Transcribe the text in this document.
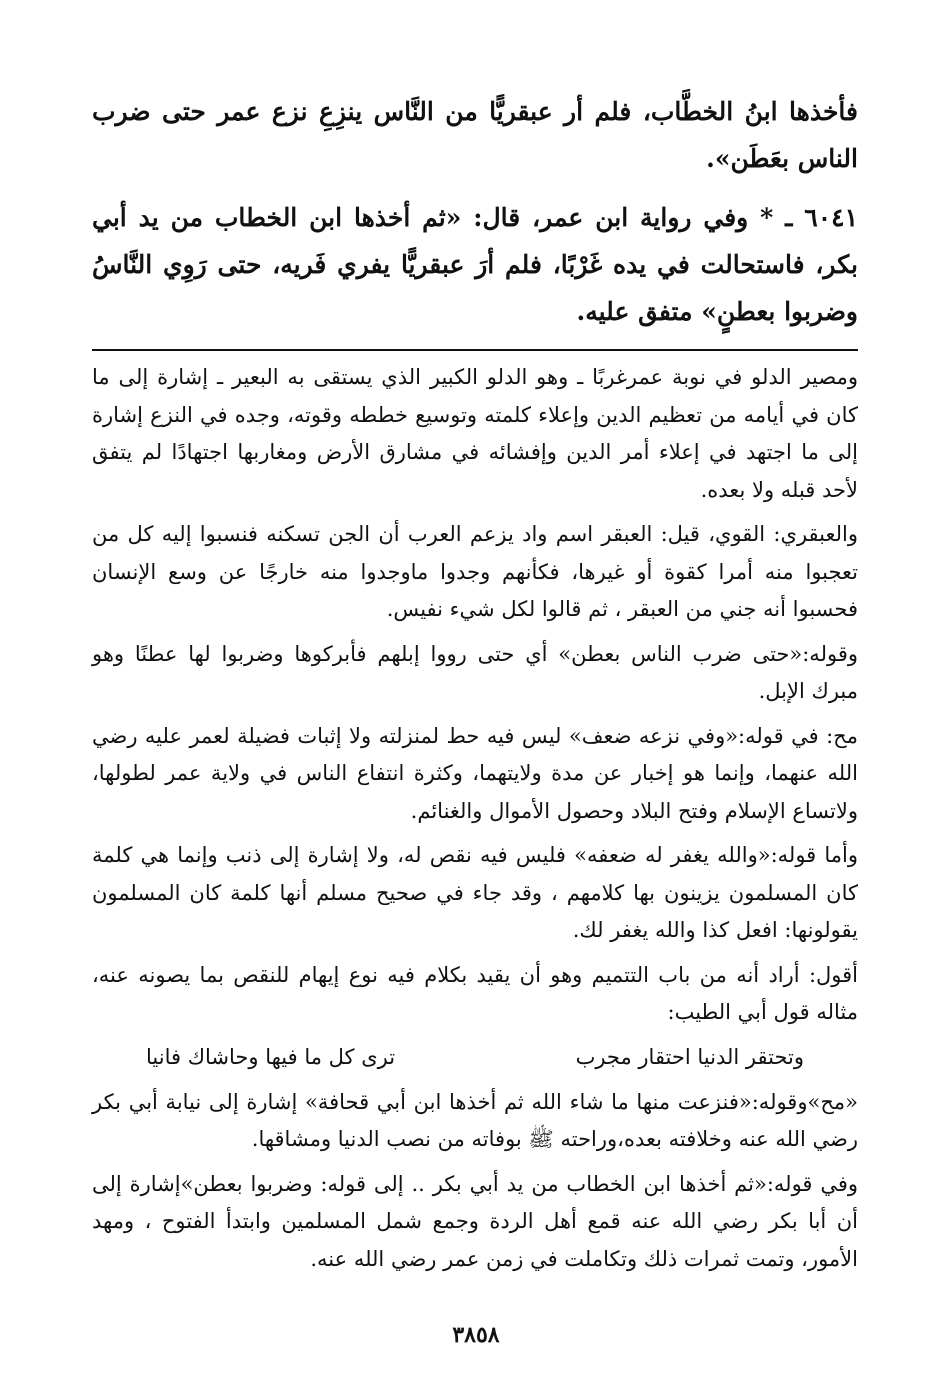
فأخذها ابنُ الخطَّاب، فلم أر عبقريًّا من النَّاس ينزِعِ نزع عمر حتى ضرب الناس بعَطَن».

٦٠٤١ ـ * وفي رواية ابن عمر، قال: «ثم أخذها ابن الخطاب من يد أبي بكر، فاستحالت في يده غَرْبًا، فلم أرَ عبقريًّا يفري فَريه، حتى رَوِي النَّاسُ وضربوا بعطنٍ» متفق عليه.

ومصير الدلو في نوبة عمرغربًا ـ وهو الدلو الكبير الذي يستقى به البعير ـ إشارة إلى ما كان في أيامه من تعظيم الدين وإعلاء كلمته وتوسيع خططه وقوته، وجده في النزع إشارة إلى ما اجتهد في إعلاء أمر الدين وإفشائه في مشارق الأرض ومغاربها اجتهادًا لم يتفق لأحد قبله ولا بعده.

والعبقري: القوي، قيل: العبقر اسم واد يزعم العرب أن الجن تسكنه فنسبوا إليه كل من تعجبوا منه أمرا كقوة أو غيرها، فكأنهم وجدوا ماوجدوا منه خارجًا عن وسع الإنسان فحسبوا أنه جني من العبقر ، ثم قالوا لكل شيء نفيس.

وقوله:«حتى ضرب الناس بعطن» أي حتى رووا إبلهم فأبركوها وضربوا لها عطنًا وهو مبرك الإبل.

مح: في قوله:«وفي نزعه ضعف» ليس فيه حط لمنزلته ولا إثبات فضيلة لعمر عليه رضي الله عنهما، وإنما هو إخبار عن مدة ولايتهما، وكثرة انتفاع الناس في ولاية عمر لطولها، ولاتساع الإسلام وفتح البلاد وحصول الأموال والغنائم.

وأما قوله:«والله يغفر له ضعفه» فليس فيه نقص له، ولا إشارة إلى ذنب وإنما هي كلمة كان المسلمون يزينون بها كلامهم ، وقد جاء في صحيح مسلم أنها كلمة كان المسلمون يقولونها: افعل كذا والله يغفر لك.

أقول: أراد أنه من باب التتميم وهو أن يقيد بكلام فيه نوع إيهام للنقص بما يصونه عنه، مثاله قول أبي الطيب:

وتحتقر الدنيا احتقار مجرب
ترى كل ما فيها وحاشاك فانيا

«مح»وقوله:«فنزعت منها ما شاء الله ثم أخذها ابن أبي قحافة» إشارة إلى نيابة أبي بكر رضي الله عنه وخلافته بعده،وراحته ﷺ بوفاته من نصب الدنيا ومشاقها.

وفي قوله:«ثم أخذها ابن الخطاب من يد أبي بكر .. إلى قوله: وضربوا بعطن»إشارة إلى أن أبا بكر رضي الله عنه قمع أهل الردة وجمع شمل المسلمين وابتدأ الفتوح ، ومهد الأمور، وتمت ثمرات ذلك وتكاملت في زمن عمر رضي الله عنه.

٣٨٥٨
